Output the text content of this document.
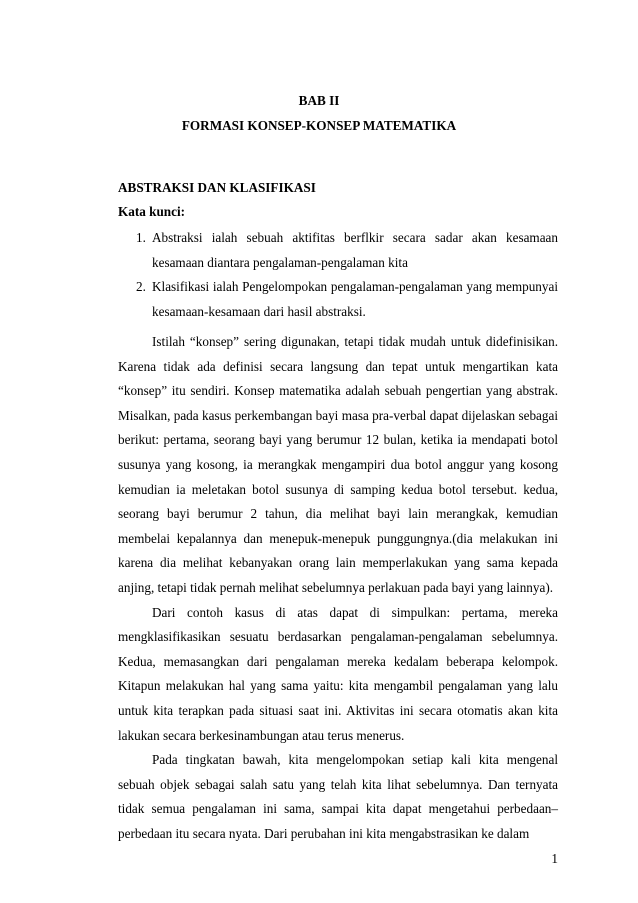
BAB II
FORMASI KONSEP-KONSEP MATEMATIKA
ABSTRAKSI DAN KLASIFIKASI
Kata kunci:
1. Abstraksi ialah sebuah aktifitas berflkir secara sadar akan kesamaan kesamaan diantara pengalaman-pengalaman kita
2. Klasifikasi ialah Pengelompokan pengalaman-pengalaman yang mempunyai kesamaan-kesamaan dari hasil abstraksi.

Istilah “konsep” sering digunakan, tetapi tidak mudah untuk didefinisikan. Karena tidak ada definisi secara langsung dan tepat untuk mengartikan kata “konsep” itu sendiri. Konsep matematika adalah sebuah pengertian yang abstrak. Misalkan, pada kasus perkembangan bayi masa pra-verbal dapat dijelaskan sebagai berikut: pertama, seorang bayi yang berumur 12 bulan, ketika ia mendapati botol susunya yang kosong, ia merangkak mengampiri dua botol anggur yang kosong kemudian ia meletakan botol susunya di samping kedua botol tersebut. kedua, seorang bayi berumur 2 tahun, dia melihat bayi lain merangkak, kemudian membelai kepalannya dan menepuk-menepuk punggungnya.(dia melakukan ini karena dia melihat kebanyakan orang lain memperlakukan yang sama kepada anjing, tetapi tidak pernah melihat sebelumnya perlakuan pada bayi yang lainnya).

Dari contoh kasus di atas dapat di simpulkan: pertama, mereka mengklasifikasikan sesuatu berdasarkan pengalaman-pengalaman sebelumnya. Kedua, memasangkan dari pengalaman mereka kedalam beberapa kelompok. Kitapun melakukan hal yang sama yaitu: kita mengambil pengalaman yang lalu untuk kita terapkan pada situasi saat ini. Aktivitas ini secara otomatis akan kita lakukan secara berkesinambungan atau terus menerus.

Pada tingkatan bawah, kita mengelompokan setiap kali kita mengenal sebuah objek sebagai salah satu yang telah kita lihat sebelumnya. Dan ternyata tidak semua pengalaman ini sama, sampai kita dapat mengetahui perbedaan–perbedaan itu secara nyata. Dari perubahan ini kita mengabstrasikan ke dalam

1
